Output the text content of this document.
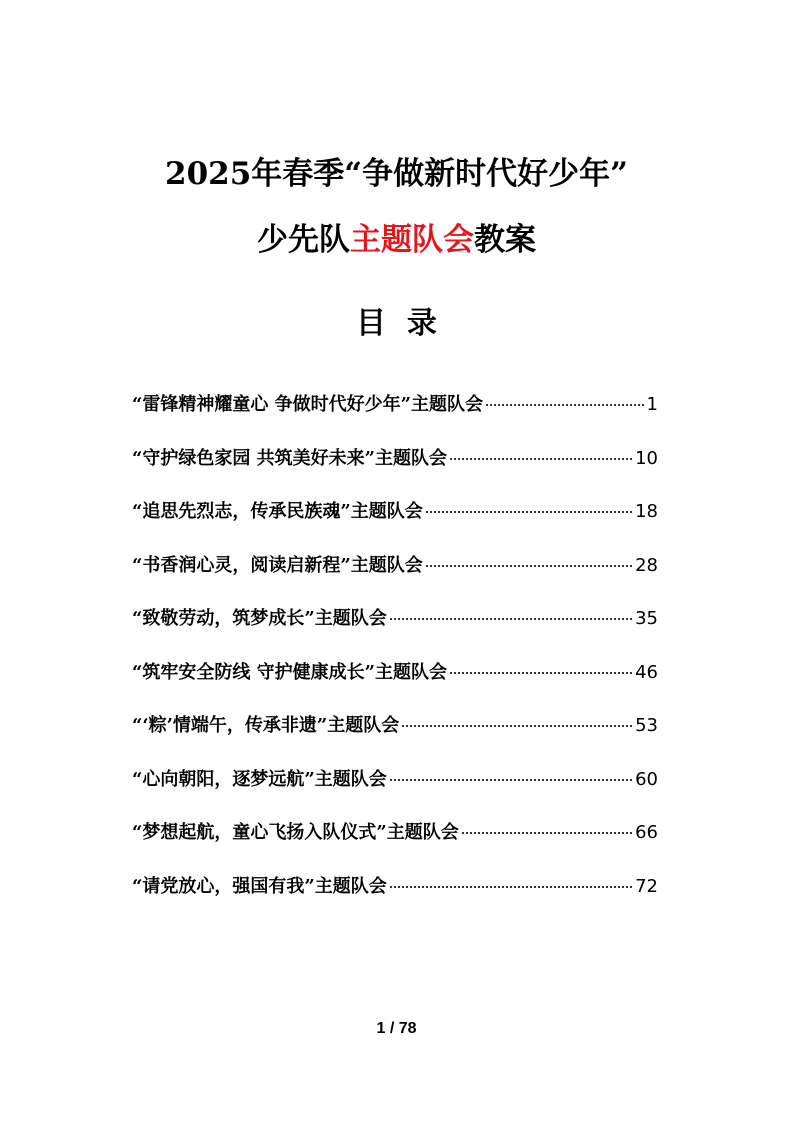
2025年春季“争做新时代好少年”
少先队主题队会教案
目  录
“雷锋精神耀童心 争做时代好少年”主题队会	1
“守护绿色家园 共筑美好未来”主题队会	10
“追思先烈志，传承民族魂”主题队会	18
“书香润心灵，阅读启新程”主题队会	28
“致敬劳动，筑梦成长”主题队会	35
“筑牢安全防线 守护健康成长”主题队会	46
“‘粽’情端午，传承非遗”主题队会	53
“心向朝阳，逐梦远航”主题队会	60
“梦想起航，童心飞扬入队仪式”主题队会	66
“请党放心，强国有我”主题队会	72
1 / 78
